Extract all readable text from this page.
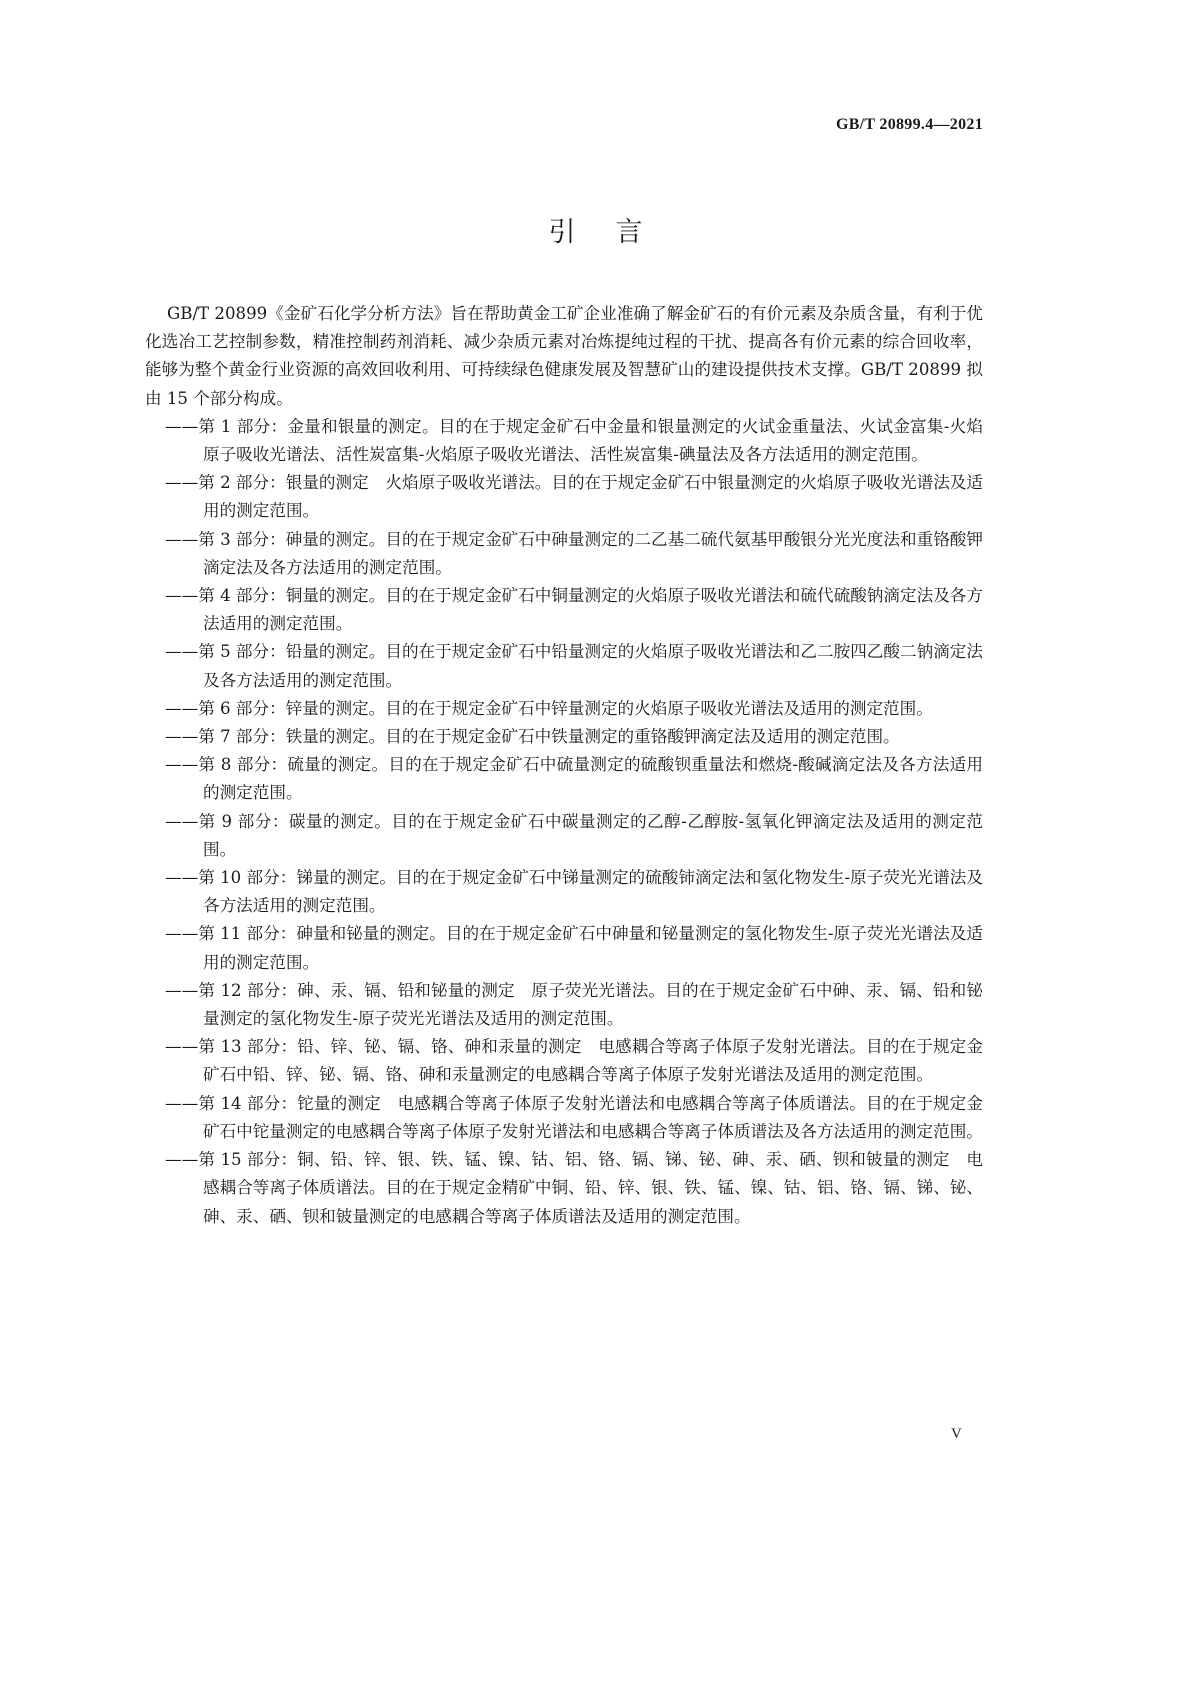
GB/T 20899.4—2021
引言

GB/T 20899《金矿石化学分析方法》旨在帮助黄金工矿企业准确了解金矿石的有价元素及杂质含量，有利于优化选冶工艺控制参数，精准控制药剂消耗、减少杂质元素对冶炼提纯过程的干扰、提高各有价元素的综合回收率，能够为整个黄金行业资源的高效回收利用、可持续绿色健康发展及智慧矿山的建设提供技术支撑。GB/T 20899 拟由 15 个部分构成。

——第 1 部分：金量和银量的测定。目的在于规定金矿石中金量和银量测定的火试金重量法、火试金富集-火焰原子吸收光谱法、活性炭富集-火焰原子吸收光谱法、活性炭富集-碘量法及各方法适用的测定范围。

——第 2 部分：银量的测定　火焰原子吸收光谱法。目的在于规定金矿石中银量测定的火焰原子吸收光谱法及适用的测定范围。

——第 3 部分：砷量的测定。目的在于规定金矿石中砷量测定的二乙基二硫代氨基甲酸银分光光度法和重铬酸钾滴定法及各方法适用的测定范围。

——第 4 部分：铜量的测定。目的在于规定金矿石中铜量测定的火焰原子吸收光谱法和硫代硫酸钠滴定法及各方法适用的测定范围。

——第 5 部分：铅量的测定。目的在于规定金矿石中铅量测定的火焰原子吸收光谱法和乙二胺四乙酸二钠滴定法及各方法适用的测定范围。

——第 6 部分：锌量的测定。目的在于规定金矿石中锌量测定的火焰原子吸收光谱法及适用的测定范围。

——第 7 部分：铁量的测定。目的在于规定金矿石中铁量测定的重铬酸钾滴定法及适用的测定范围。

——第 8 部分：硫量的测定。目的在于规定金矿石中硫量测定的硫酸钡重量法和燃烧-酸碱滴定法及各方法适用的测定范围。

——第 9 部分：碳量的测定。目的在于规定金矿石中碳量测定的乙醇-乙醇胺-氢氧化钾滴定法及适用的测定范围。

——第 10 部分：锑量的测定。目的在于规定金矿石中锑量测定的硫酸铈滴定法和氢化物发生-原子荧光光谱法及各方法适用的测定范围。

——第 11 部分：砷量和铋量的测定。目的在于规定金矿石中砷量和铋量测定的氢化物发生-原子荧光光谱法及适用的测定范围。

——第 12 部分：砷、汞、镉、铅和铋量的测定　原子荧光光谱法。目的在于规定金矿石中砷、汞、镉、铅和铋量测定的氢化物发生-原子荧光光谱法及适用的测定范围。

——第 13 部分：铅、锌、铋、镉、铬、砷和汞量的测定　电感耦合等离子体原子发射光谱法。目的在于规定金矿石中铅、锌、铋、镉、铬、砷和汞量测定的电感耦合等离子体原子发射光谱法及适用的测定范围。

——第 14 部分：铊量的测定　电感耦合等离子体原子发射光谱法和电感耦合等离子体质谱法。目的在于规定金矿石中铊量测定的电感耦合等离子体原子发射光谱法和电感耦合等离子体质谱法及各方法适用的测定范围。

——第 15 部分：铜、铅、锌、银、铁、锰、镍、钴、铝、铬、镉、锑、铋、砷、汞、硒、钡和铍量的测定　电感耦合等离子体质谱法。目的在于规定金精矿中铜、铅、锌、银、铁、锰、镍、钴、铝、铬、镉、锑、铋、砷、汞、硒、钡和铍量测定的电感耦合等离子体质谱法及适用的测定范围。

V
